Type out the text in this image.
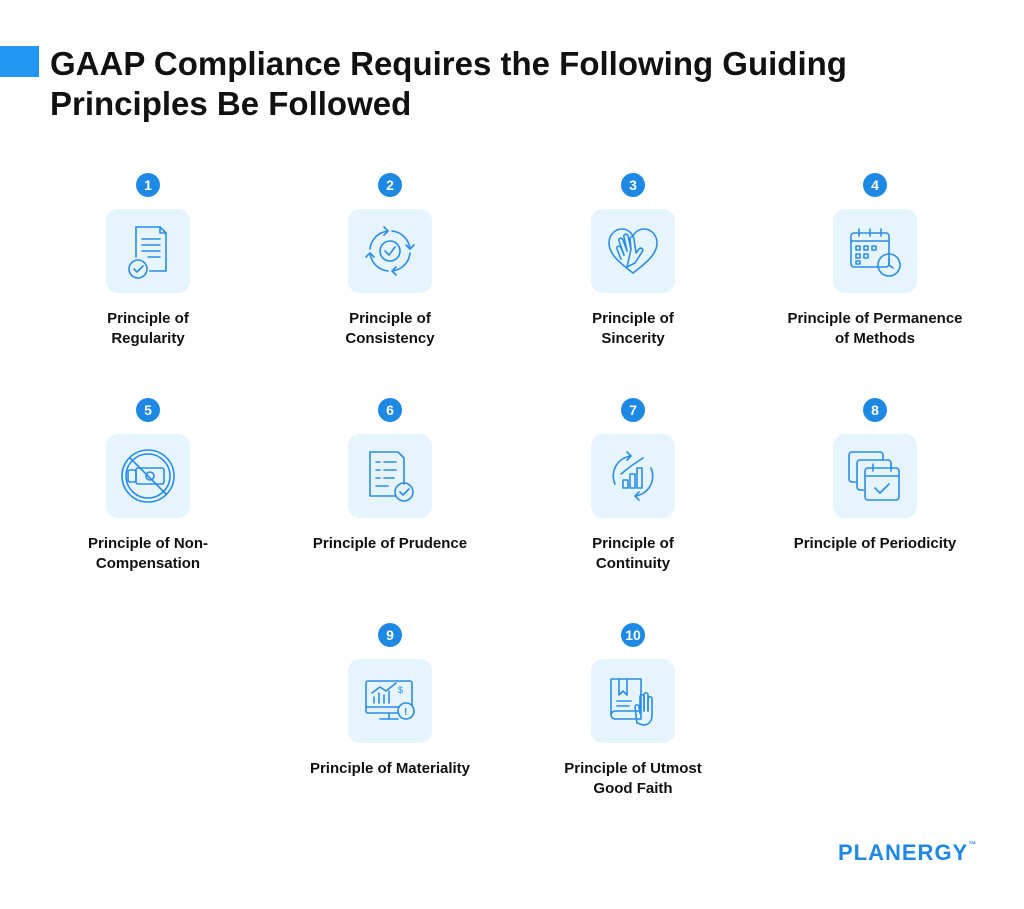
GAAP Compliance Requires the Following Guiding Principles Be Followed
1
Principle of
Regularity
2
Principle of
Consistency
3
Principle of
Sincerity
4
Principle of Permanence
of Methods
5
Principle of Non-
Compensation
6
Principle of Prudence
7
Principle of
Continuity
8
Principle of Periodicity
9
$
!
Principle of Materiality
10
Principle of Utmost
Good Faith
PLANERGY™
